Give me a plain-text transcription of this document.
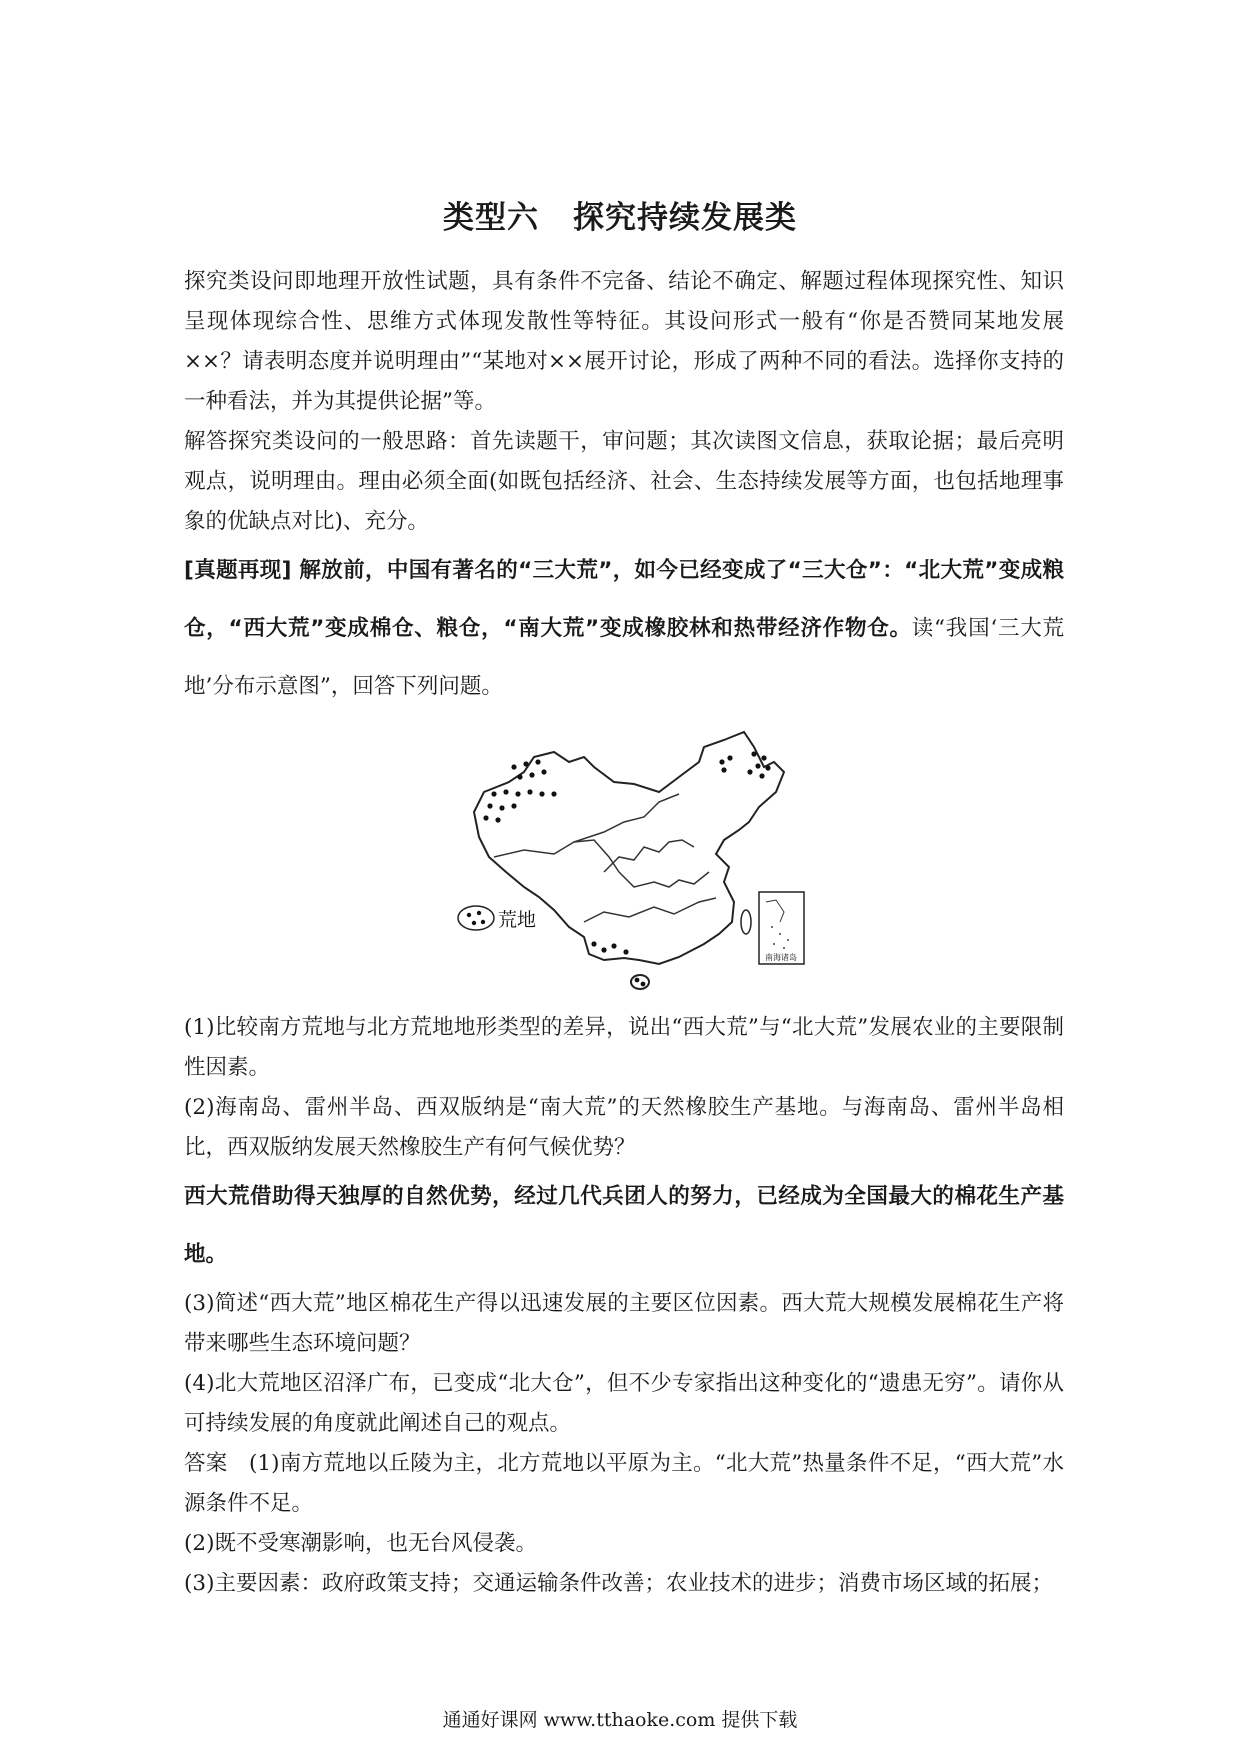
类型六 探究持续发展类

探究类设问即地理开放性试题，具有条件不完备、结论不确定、解题过程体现探究性、知识呈现体现综合性、思维方式体现发散性等特征。其设问形式一般有“你是否赞同某地发展××？请表明态度并说明理由”“某地对××展开讨论，形成了两种不同的看法。选择你支持的一种看法，并为其提供论据”等。

解答探究类设问的一般思路：首先读题干，审问题；其次读图文信息，获取论据；最后亮明观点，说明理由。理由必须全面(如既包括经济、社会、生态持续发展等方面，也包括地理事象的优缺点对比)、充分。

[真题再现] 解放前，中国有著名的“三大荒”，如今已经变成了“三大仓”：“北大荒”变成粮仓，“西大荒”变成棉仓、粮仓，“南大荒”变成橡胶林和热带经济作物仓。读“我国‘三大荒地’分布示意图”，回答下列问题。

荒地
南海诸岛

(1)比较南方荒地与北方荒地地形类型的差异，说出“西大荒”与“北大荒”发展农业的主要限制性因素。

(2)海南岛、雷州半岛、西双版纳是“南大荒”的天然橡胶生产基地。与海南岛、雷州半岛相比，西双版纳发展天然橡胶生产有何气候优势？

西大荒借助得天独厚的自然优势，经过几代兵团人的努力，已经成为全国最大的棉花生产基地。

(3)简述“西大荒”地区棉花生产得以迅速发展的主要区位因素。西大荒大规模发展棉花生产将带来哪些生态环境问题？

(4)北大荒地区沼泽广布，已变成“北大仓”，但不少专家指出这种变化的“遗患无穷”。请你从可持续发展的角度就此阐述自己的观点。

答案  (1)南方荒地以丘陵为主，北方荒地以平原为主。“北大荒”热量条件不足，“西大荒”水源条件不足。

(2)既不受寒潮影响，也无台风侵袭。

(3)主要因素：政府政策支持；交通运输条件改善；农业技术的进步；消费市场区域的拓展；

通通好课网 www.tthaoke.com 提供下载
